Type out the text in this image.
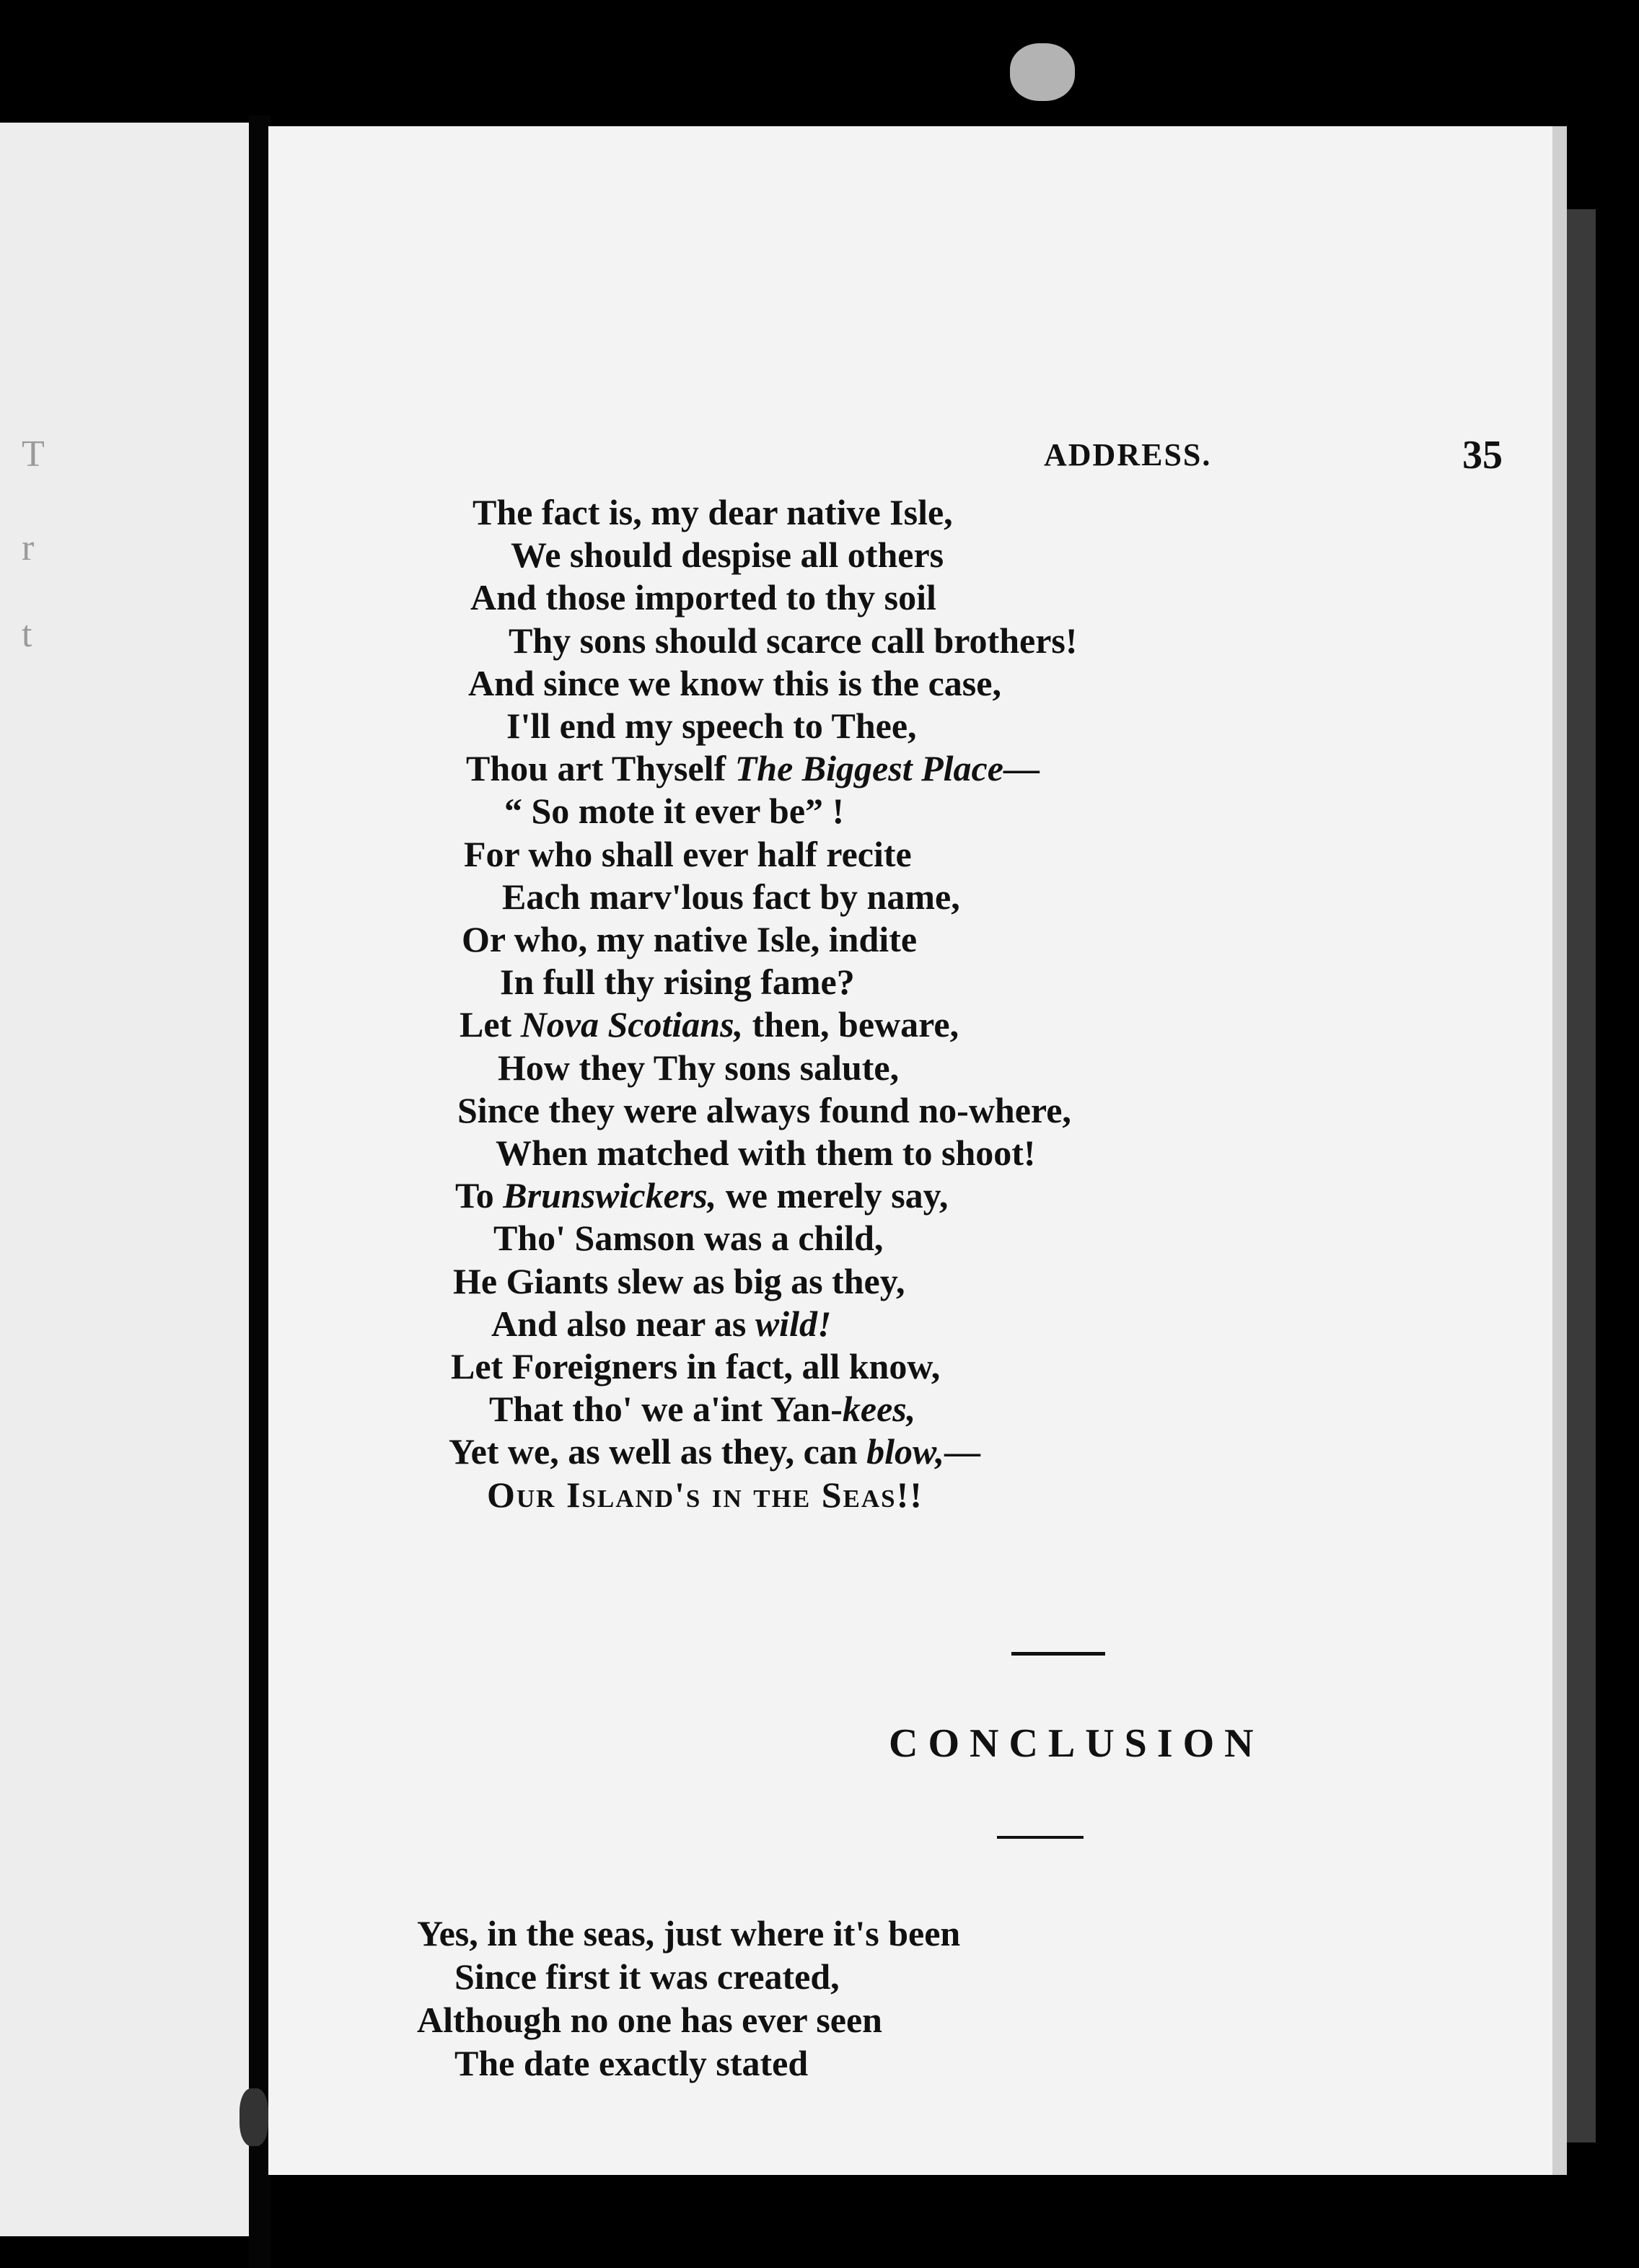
T
r
t
ADDRESS.	35
The fact is, my dear native Isle,
We should despise all others
And those imported to thy soil
Thy sons should scarce call brothers!
And since we know this is the case,
I'll end my speech to Thee,
Thou art Thyself The Biggest Place—
“ So mote it ever be” !
For who shall ever half recite
Each marv'lous fact by name,
Or who, my native Isle, indite
In full thy rising fame?
Let Nova Scotians, then, beware,
How they Thy sons salute,
Since they were always found no-where,
When matched with them to shoot!
To Brunswickers, we merely say,
Tho' Samson was a child,
He Giants slew as big as they,
And also near as wild!
Let Foreigners in fact, all know,
That tho' we a'int Yan-kees,
Yet we, as well as they, can blow,—
Our Island's in the Seas!!
CONCLUSION
Yes, in the seas, just where it's been
Since first it was created,
Although no one has ever seen
The date exactly stated
